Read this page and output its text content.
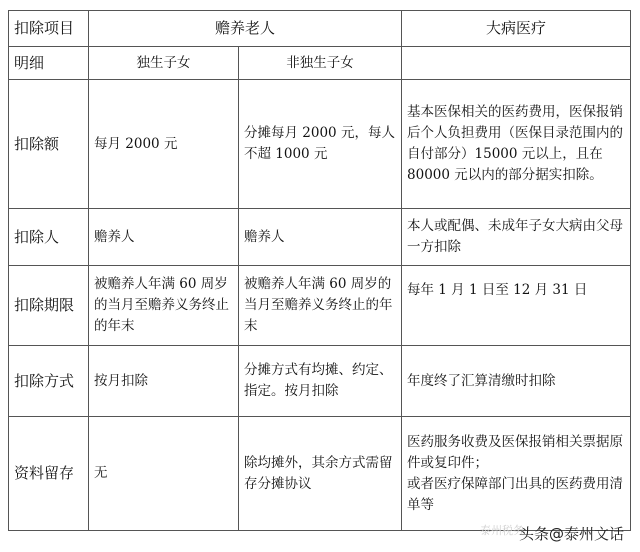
扣除项目	赡养老人		大病医疗
明细	独生子女	非独生子女	
扣除额	每月 2000 元	分摊每月 2000 元，每人不超 1000 元	基本医保相关的医药费用，医保报销后个人负担费用（医保目录范围内的自付部分）15000 元以上，且在 80000 元以内的部分据实扣除。
扣除人	赡养人	赡养人	本人或配偶、未成年子女大病由父母一方扣除
扣除期限	被赡养人年满 60 周岁的当月至赡养义务终止的年末	被赡养人年满 60 周岁的当月至赡养义务终止的年末	每年 1 月 1 日至 12 月 31 日
扣除方式	按月扣除	分摊方式有均摊、约定、指定。按月扣除	年度终了汇算清缴时扣除
资料留存	无	除均摊外，其余方式需留存分摊协议	医药服务收费及医保报销相关票据原件或复印件；
或者医疗保障部门出具的医药费用清单等
泰州税务
头条@泰州文话
